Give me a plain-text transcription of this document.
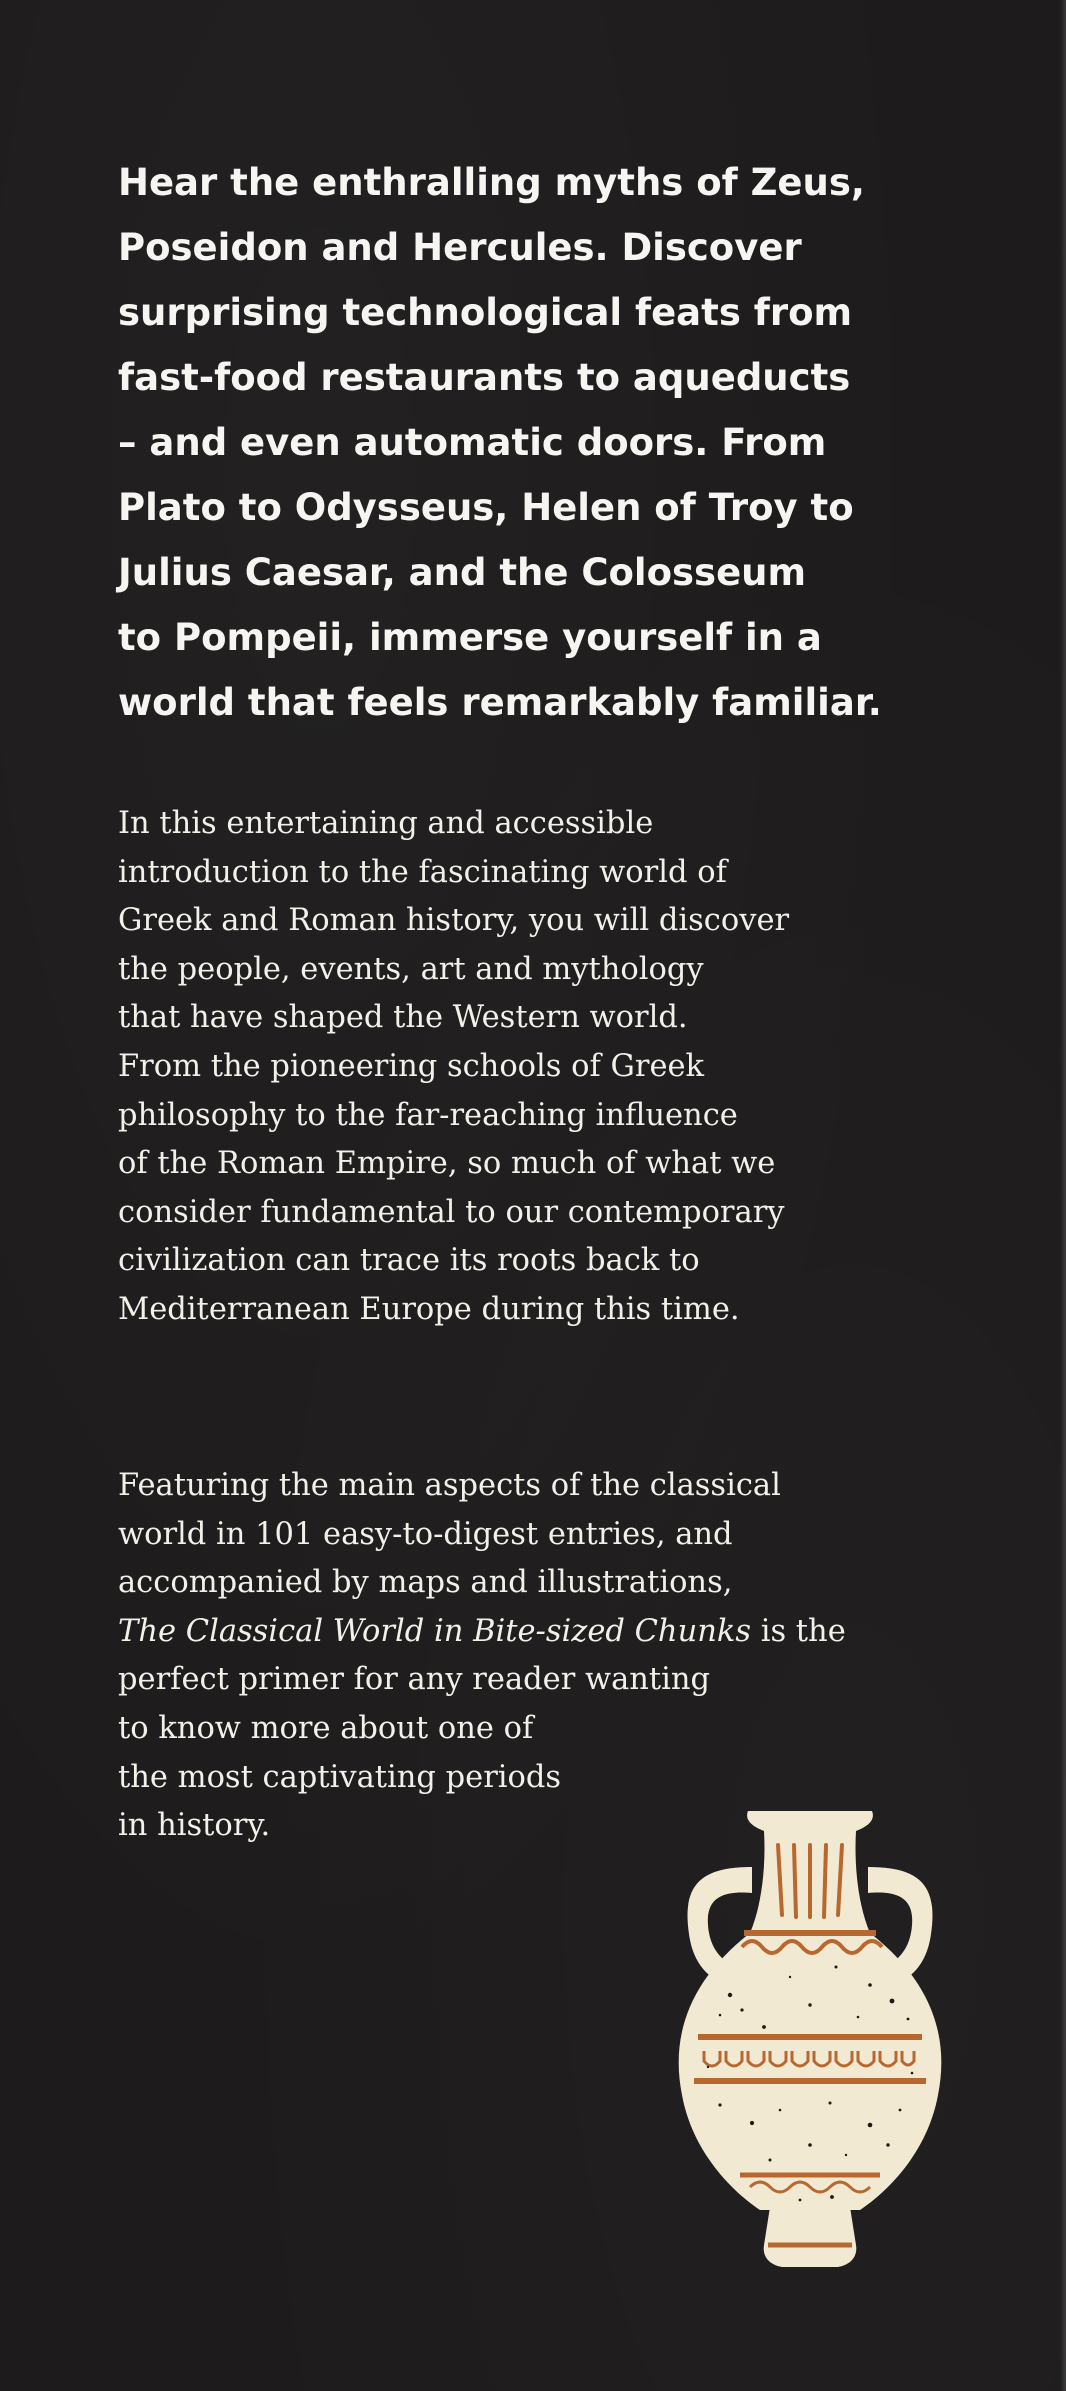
Hear the enthralling myths of Zeus,
Poseidon and Hercules. Discover
surprising technological feats from
fast-food restaurants to aqueducts
– and even automatic doors. From
Plato to Odysseus, Helen of Troy to
Julius Caesar, and the Colosseum
to Pompeii, immerse yourself in a
world that feels remarkably familiar.

In this entertaining and accessible
introduction to the fascinating world of
Greek and Roman history, you will discover
the people, events, art and mythology
that have shaped the Western world.
From the pioneering schools of Greek
philosophy to the far-reaching influence
of the Roman Empire, so much of what we
consider fundamental to our contemporary
civilization can trace its roots back to
Mediterranean Europe during this time.

Featuring the main aspects of the classical
world in 101 easy-to-digest entries, and
accompanied by maps and illustrations,
The Classical World in Bite-sized Chunks is the
perfect primer for any reader wanting
to know more about one of
the most captivating periods
in history.
